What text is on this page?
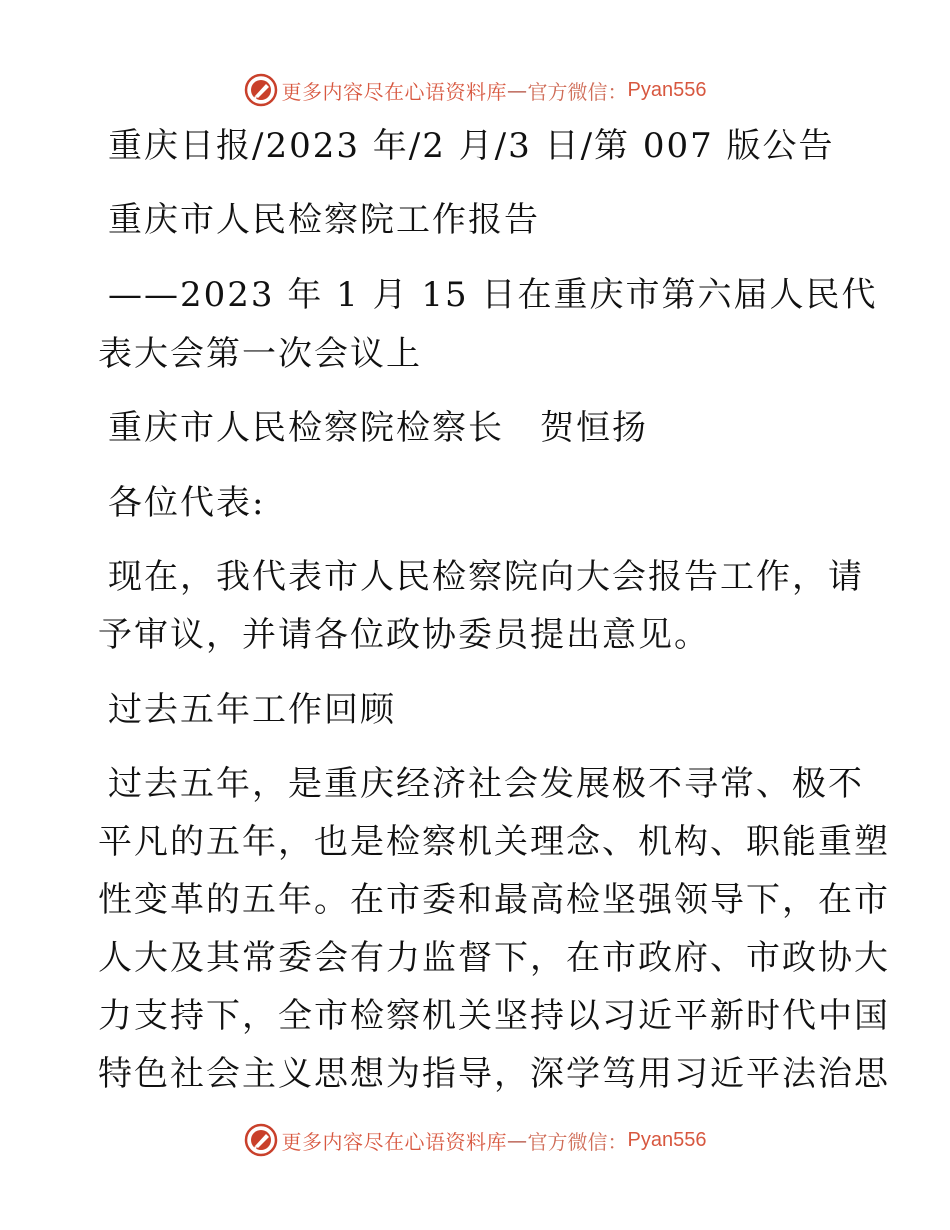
更多内容尽在心语资料库 — 官方微信： Pyan556
重庆日报/2023 年/2 月/3 日/第 007 版公告
重庆市人民检察院工作报告
——2023 年 1 月 15 日在重庆市第六届人民代
表大会第一次会议上
重庆市人民检察院检察长　贺恒扬
各位代表:
现在，我代表市人民检察院向大会报告工作，请
予审议，并请各位政协委员提出意见。
过去五年工作回顾
过去五年，是重庆经济社会发展极不寻常、极不
平凡的五年，也是检察机关理念、机构、职能重塑
性变革的五年。在市委和最高检坚强领导下，在市
人大及其常委会有力监督下，在市政府、市政协大
力支持下，全市检察机关坚持以习近平新时代中国
特色社会主义思想为指导，深学笃用习近平法治思
更多内容尽在心语资料库 — 官方微信： Pyan556
